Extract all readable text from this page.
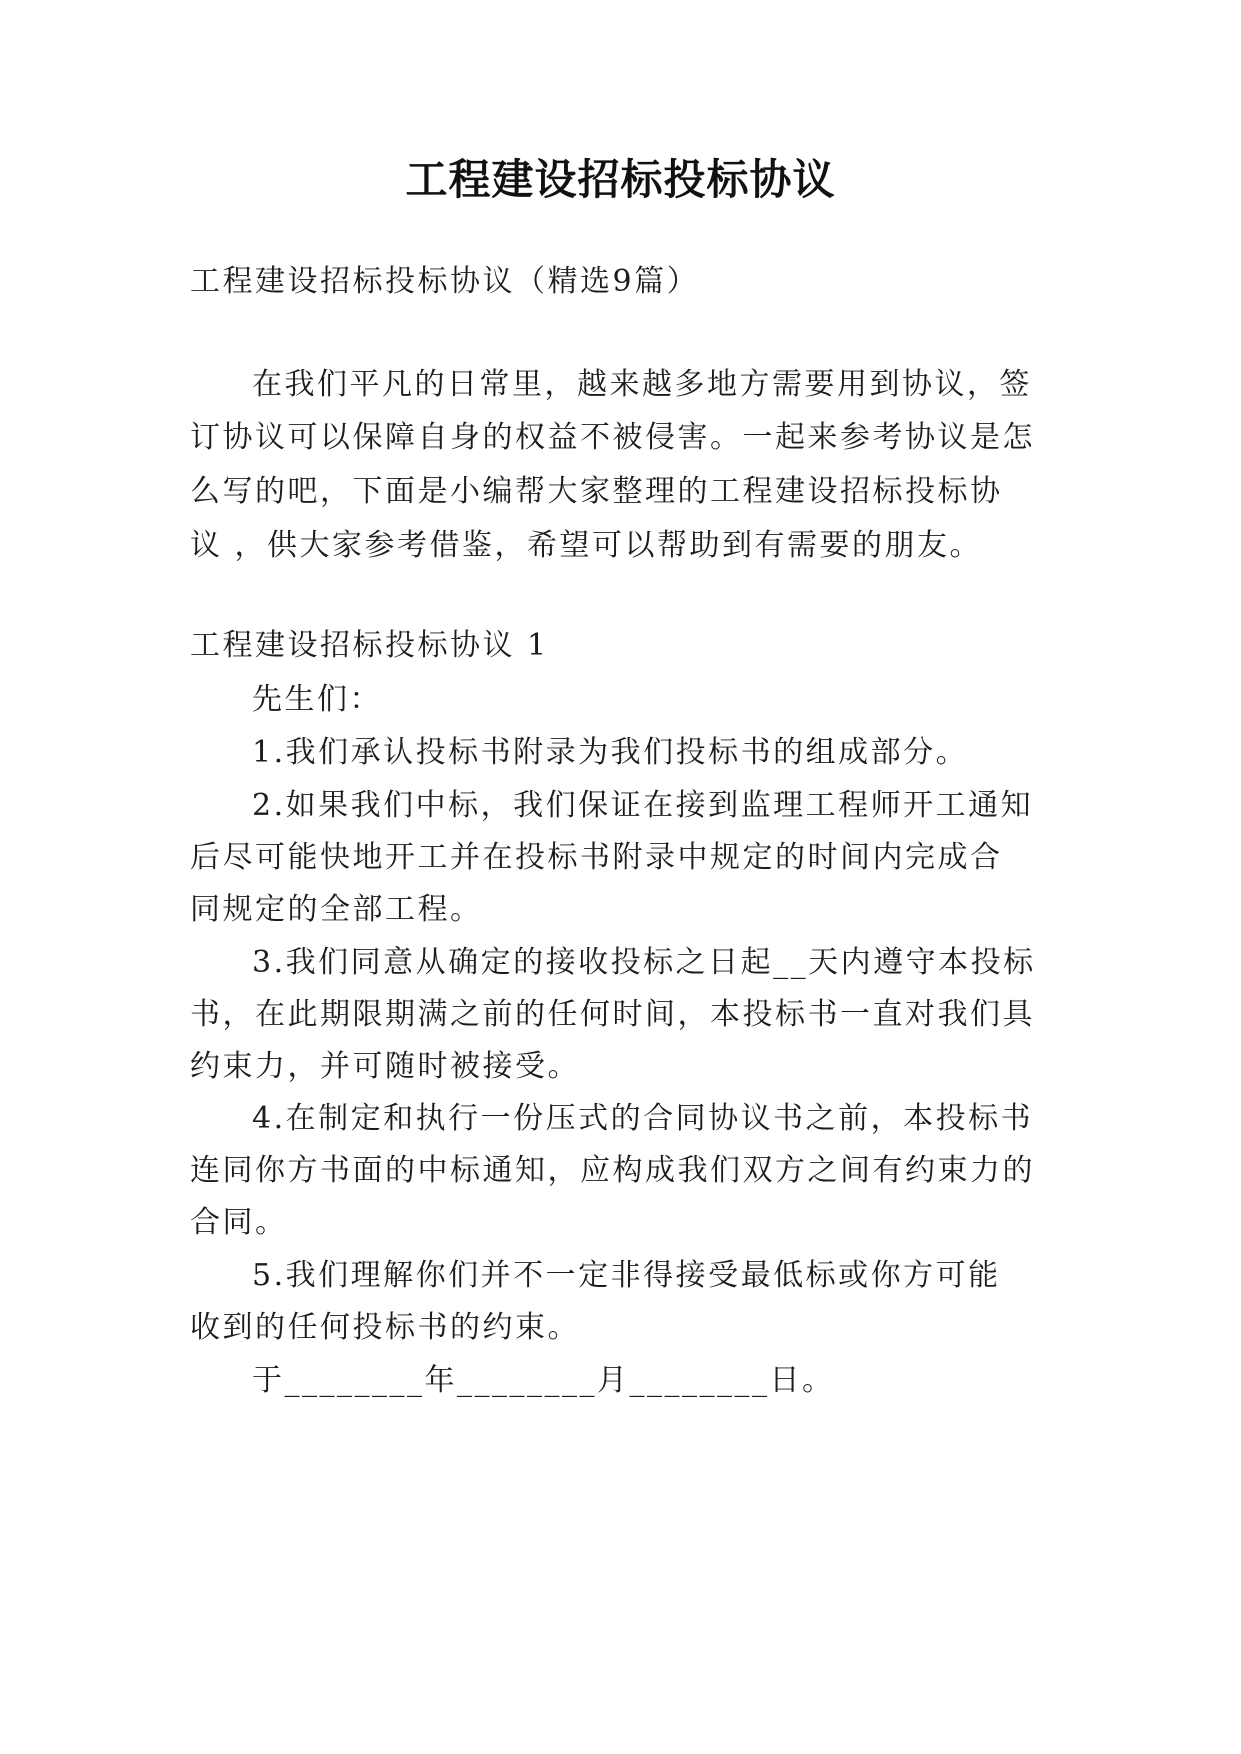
工程建设招标投标协议
工程建设招标投标协议（精选9篇）
在我们平凡的日常里，越来越多地方需要用到协议，签
订协议可以保障自身的权益不被侵害。一起来参考协议是怎
么写的吧，下面是小编帮大家整理的工程建设招标投标协
议 ，供大家参考借鉴，希望可以帮助到有需要的朋友。
工程建设招标投标协议 1
先生们：
1.我们承认投标书附录为我们投标书的组成部分。
2.如果我们中标，我们保证在接到监理工程师开工通知
后尽可能快地开工并在投标书附录中规定的时间内完成合
同规定的全部工程。
3.我们同意从确定的接收投标之日起__天内遵守本投标
书，在此期限期满之前的任何时间，本投标书一直对我们具
约束力，并可随时被接受。
4.在制定和执行一份压式的合同协议书之前，本投标书
连同你方书面的中标通知，应构成我们双方之间有约束力的
合同。
5.我们理解你们并不一定非得接受最低标或你方可能
收到的任何投标书的约束。
于________年________月________日。
